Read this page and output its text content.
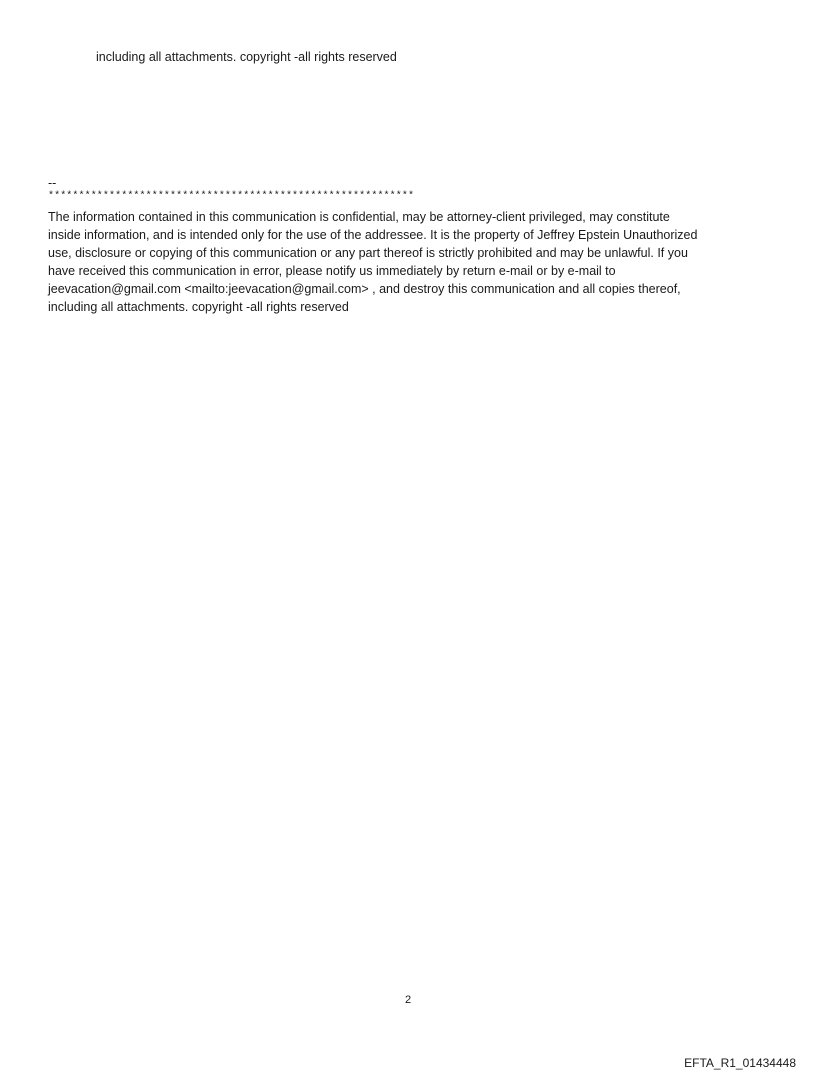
including all attachments. copyright -all rights reserved
--
************************************************************
The information contained in this communication is confidential, may be attorney-client privileged, may constitute
inside information, and is intended only for the use of the addressee. It is the property of Jeffrey Epstein Unauthorized
use, disclosure or copying of this communication or any part thereof is strictly prohibited and may be unlawful. If you
have received this communication in error, please notify us immediately by return e-mail or by e-mail to
jeevacation@gmail.com <mailto:jeevacation@gmail.com> , and destroy this communication and all copies thereof,
including all attachments. copyright -all rights reserved
2
EFTA_R1_01434448
